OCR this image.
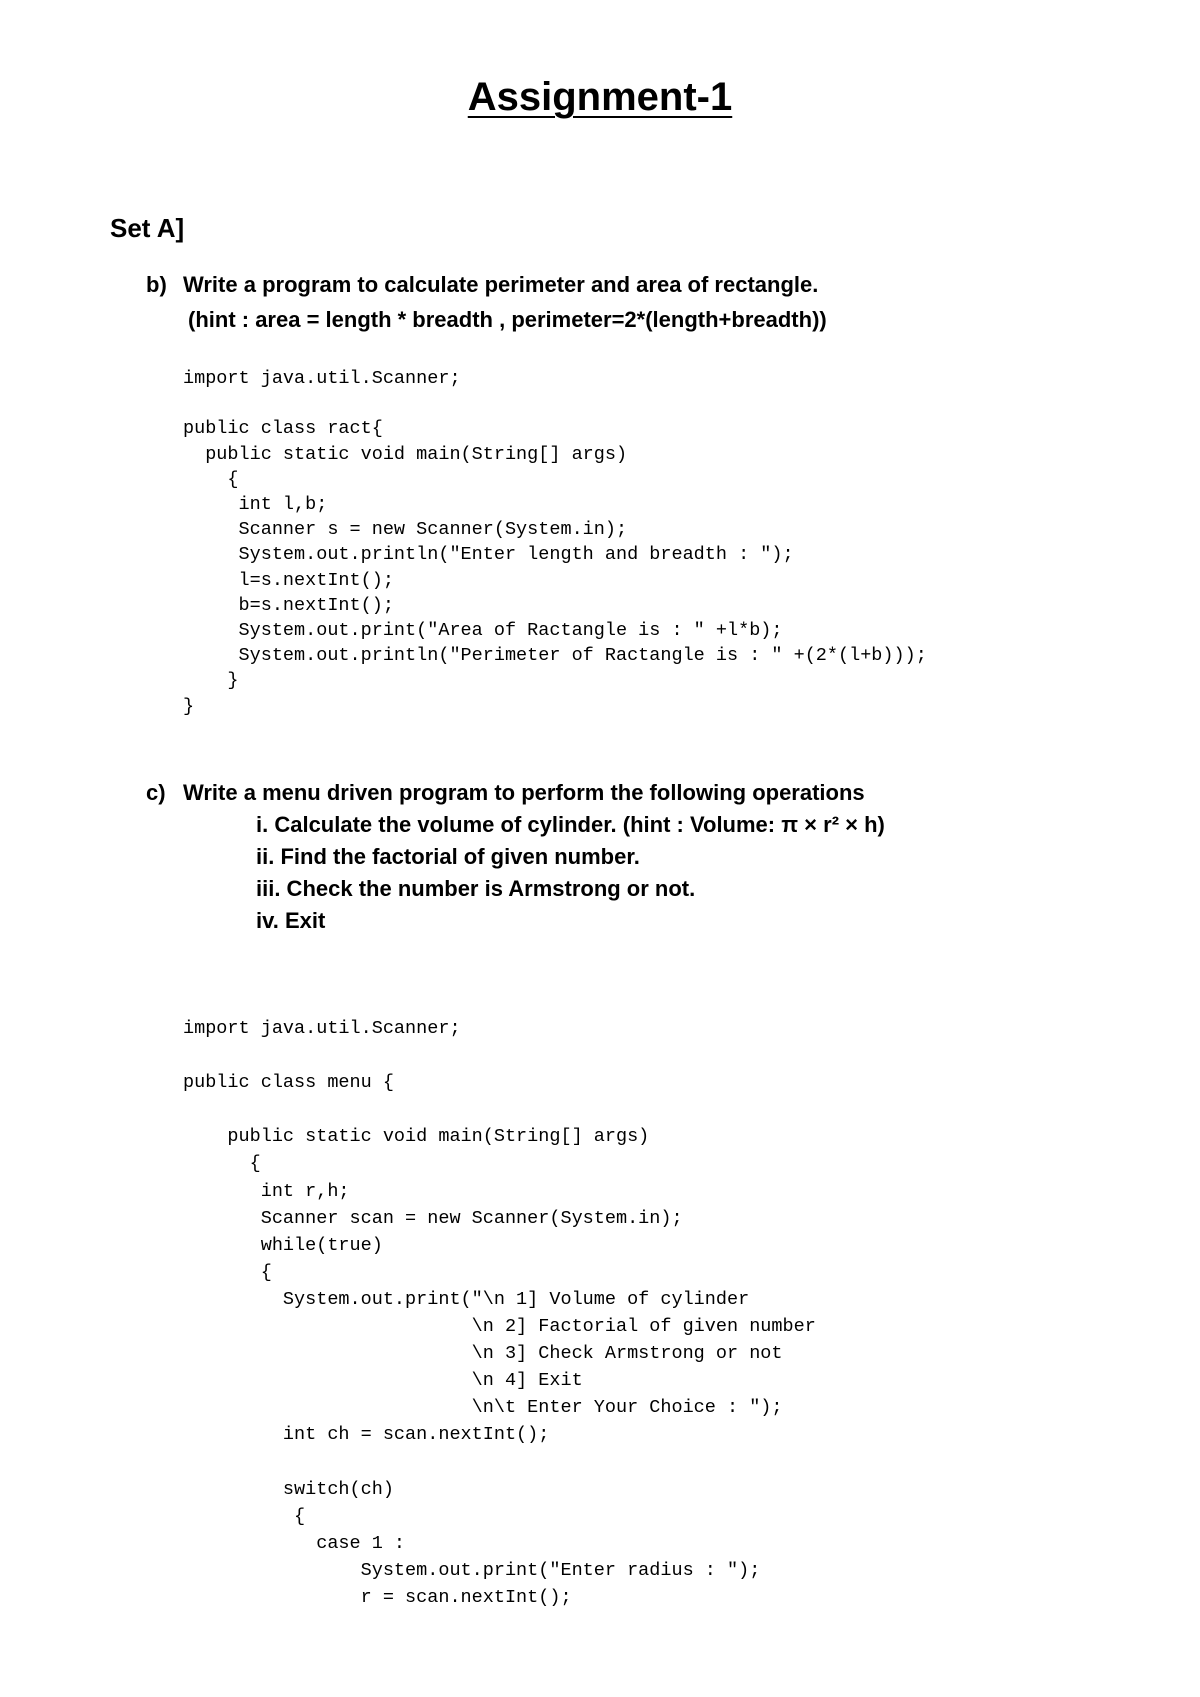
Assignment-1
Set A]
b) Write a program to calculate perimeter and area of rectangle.
(hint : area = length * breadth , perimeter=2*(length+breadth))
import java.util.Scanner;

public class ract{
public static void main(String[] args)
{
int l,b;
Scanner s = new Scanner(System.in);
System.out.println("Enter length and breadth : ");
l=s.nextInt();
b=s.nextInt();
System.out.print("Area of Ractangle is : " +l*b);
System.out.println("Perimeter of Ractangle is : " +(2*(l+b)));
}
}
c) Write a menu driven program to perform the following operations
i. Calculate the volume of cylinder. (hint : Volume: π × r² × h)
ii. Find the factorial of given number.
iii. Check the number is Armstrong or not.
iv. Exit
import java.util.Scanner;

public class menu {

public static void main(String[] args)
{
int r,h;
Scanner scan = new Scanner(System.in);
while(true)
{
System.out.print("\n 1] Volume of cylinder
\n 2] Factorial of given number
\n 3] Check Armstrong or not
\n 4] Exit
\n\t Enter Your Choice : ");
int ch = scan.nextInt();

switch(ch)
{
case 1 :
System.out.print("Enter radius : ");
r = scan.nextInt();
